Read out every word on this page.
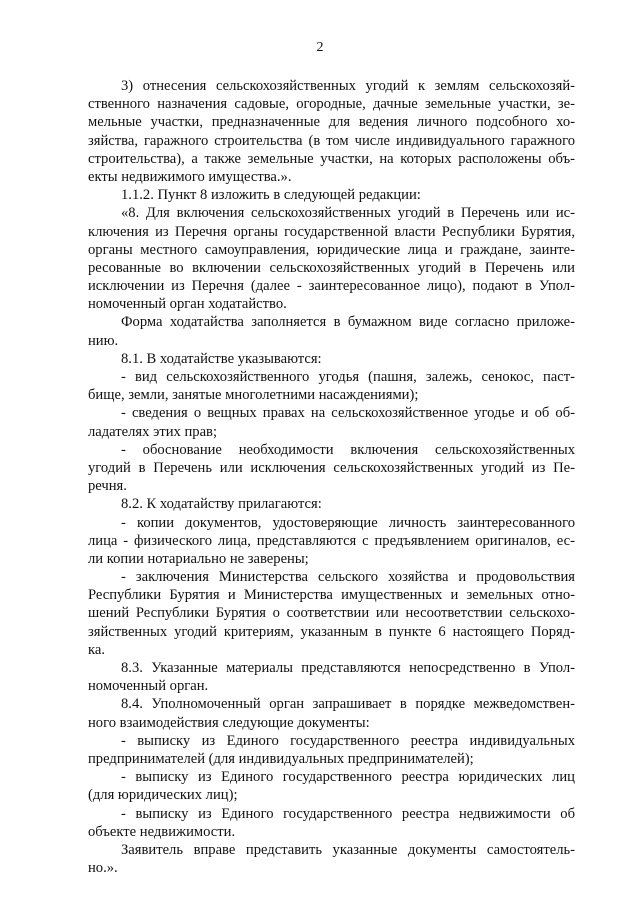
2
3) отнесения сельскохозяйственных угодий к землям сельскохозяй-
ственного назначения садовые, огородные, дачные земельные участки, зе-
мельные участки, предназначенные для ведения личного подсобного хо-
зяйства, гаражного строительства (в том числе индивидуального гаражного
строительства), а также земельные участки, на которых расположены объ-
екты недвижимого имущества.».
1.1.2. Пункт 8 изложить в следующей редакции:
«8. Для включения сельскохозяйственных угодий в Перечень или ис-
ключения из Перечня органы государственной власти Республики Бурятия,
органы местного самоуправления, юридические лица и граждане, заинте-
ресованные во включении сельскохозяйственных угодий в Перечень или
исключении из Перечня (далее - заинтересованное лицо), подают в Упол-
номоченный орган ходатайство.
Форма ходатайства заполняется в бумажном виде согласно приложе-
нию.
8.1. В ходатайстве указываются:
- вид сельскохозяйственного угодья (пашня, залежь, сенокос, паст-
бище, земли, занятые многолетними насаждениями);
- сведения о вещных правах на сельскохозяйственное угодье и об об-
ладателях этих прав;
- обоснование необходимости включения сельскохозяйственных
угодий в Перечень или исключения сельскохозяйственных угодий из Пе-
речня.
8.2. К ходатайству прилагаются:
- копии документов, удостоверяющие личность заинтересованного
лица - физического лица, представляются с предъявлением оригиналов, ес-
ли копии нотариально не заверены;
- заключения Министерства сельского хозяйства и продовольствия
Республики Бурятия и Министерства имущественных и земельных отно-
шений Республики Бурятия о соответствии или несоответствии сельскохо-
зяйственных угодий критериям, указанным в пункте 6 настоящего Поряд-
ка.
8.3. Указанные материалы представляются непосредственно в Упол-
номоченный орган.
8.4. Уполномоченный орган запрашивает в порядке межведомствен-
ного взаимодействия следующие документы:
- выписку из Единого государственного реестра индивидуальных
предпринимателей (для индивидуальных предпринимателей);
- выписку из Единого государственного реестра юридических лиц
(для юридических лиц);
- выписку из Единого государственного реестра недвижимости об
объекте недвижимости.
Заявитель вправе представить указанные документы самостоятель-
но.».
